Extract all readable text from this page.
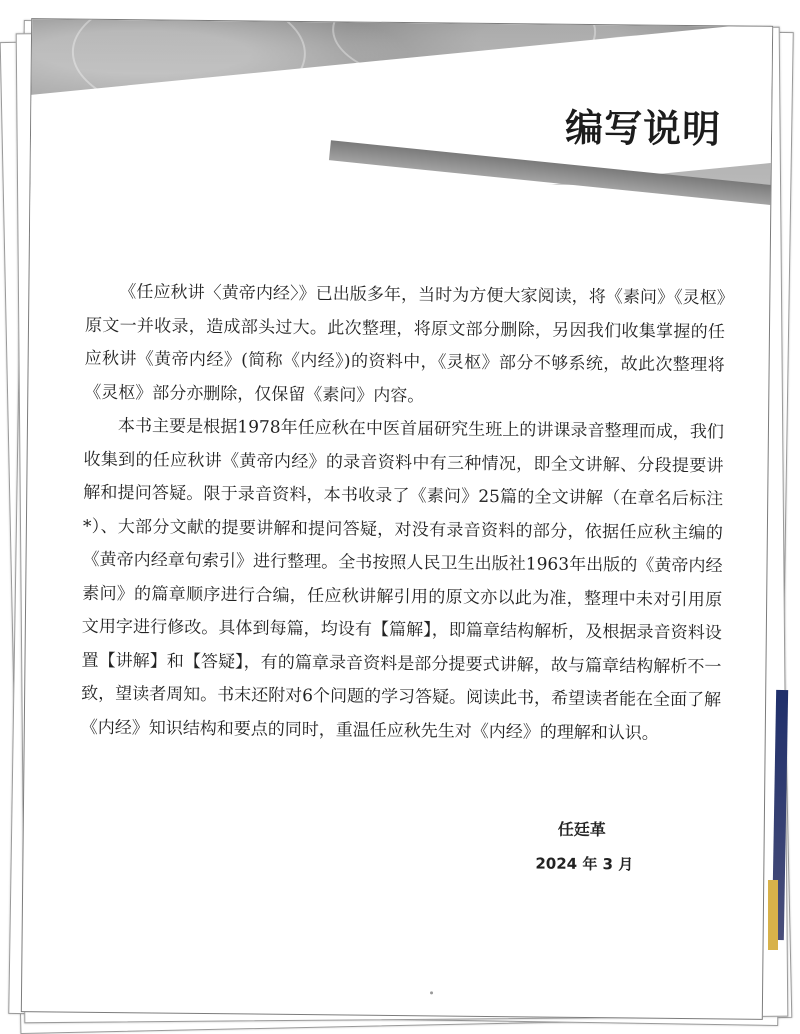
编写说明

《任应秋讲〈黄帝内经〉》已出版多年，当时为方便大家阅读，将《素问》《灵枢》原文一并收录，造成部头过大。此次整理，将原文部分删除，另因我们收集掌握的任应秋讲《黄帝内经》(简称《内经》)的资料中，《灵枢》部分不够系统，故此次整理将《灵枢》部分亦删除，仅保留《素问》内容。

本书主要是根据1978年任应秋在中医首届研究生班上的讲课录音整理而成，我们收集到的任应秋讲《黄帝内经》的录音资料中有三种情况，即全文讲解、分段提要讲解和提问答疑。限于录音资料，本书收录了《素问》25篇的全文讲解（在章名后标注*）、大部分文献的提要讲解和提问答疑，对没有录音资料的部分，依据任应秋主编的《黄帝内经章句索引》进行整理。全书按照人民卫生出版社1963年出版的《黄帝内经素问》的篇章顺序进行合编，任应秋讲解引用的原文亦以此为准，整理中未对引用原文用字进行修改。具体到每篇，均设有【篇解】，即篇章结构解析，及根据录音资料设置【讲解】和【答疑】，有的篇章录音资料是部分提要式讲解，故与篇章结构解析不一致，望读者周知。书末还附对6个问题的学习答疑。阅读此书，希望读者能在全面了解《内经》知识结构和要点的同时，重温任应秋先生对《内经》的理解和认识。

任廷革
2024 年 3 月
